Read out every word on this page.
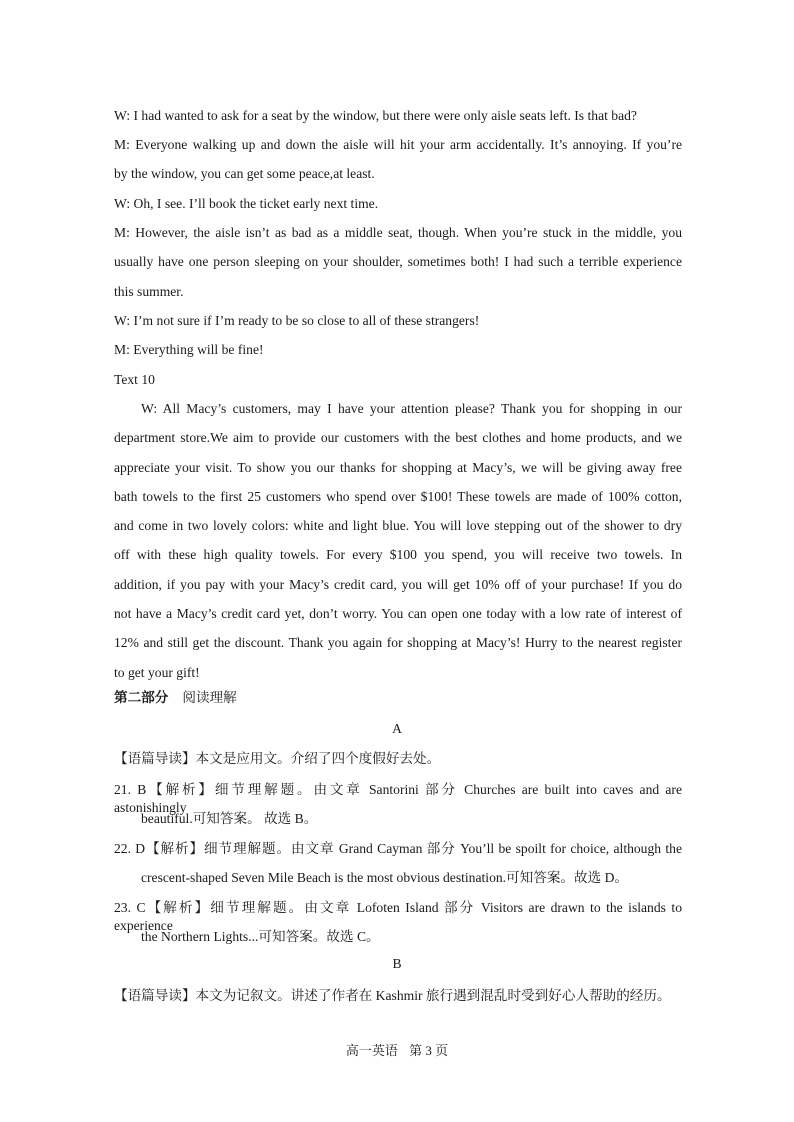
W: I had wanted to ask for a seat by the window, but there were only aisle seats left. Is that bad?
M: Everyone walking up and down the aisle will hit your arm accidentally. It’s annoying. If you’re
by the window, you can get some peace,at least.
W: Oh, I see. I’ll book the ticket early next time.
M: However, the aisle isn’t as bad as a middle seat, though. When you’re stuck in the middle, you
usually have one person sleeping on your shoulder, sometimes both! I had such a terrible experience
this summer.
W: I’m not sure if I’m ready to be so close to all of these strangers!
M: Everything will be fine!
Text 10
W: All Macy’s customers, may I have your attention please? Thank you for shopping in our
department store.We aim to provide our customers with the best clothes and home products, and we
appreciate your visit. To show you our thanks for shopping at Macy’s, we will be giving away free
bath towels to the first 25 customers who spend over $100! These towels are made of 100% cotton,
and come in two lovely colors: white and light blue. You will love stepping out of the shower to dry
off with these high quality towels. For every $100 you spend, you will receive two towels. In
addition, if you pay with your Macy’s credit card, you will get 10% off of your purchase! If you do
not have a Macy’s credit card yet, don’t worry. You can open one today with a low rate of interest of
12% and still get the discount. Thank you again for shopping at Macy’s! Hurry to the nearest register
to get your gift!
第二部分 阅读理解
A
【语篇导读】本文是应用文。介绍了四个度假好去处。
21. B【解析】细节理解题。由文章 Santorini 部分 Churches are built into caves and are astonishingly
beautiful.可知答案。 故选 B。
22. D【解析】细节理解题。由文章 Grand Cayman 部分 You’ll be spoilt for choice, although the
crescent-shaped Seven Mile Beach is the most obvious destination.可知答案。故选 D。
23. C【解析】细节理解题。由文章 Lofoten Island 部分 Visitors are drawn to the islands to experience
the Northern Lights...可知答案。故选 C。
B
【语篇导读】本文为记叙文。讲述了作者在 Kashmir 旅行遇到混乱时受到好心人帮助的经历。
高一英语 第 3 页
